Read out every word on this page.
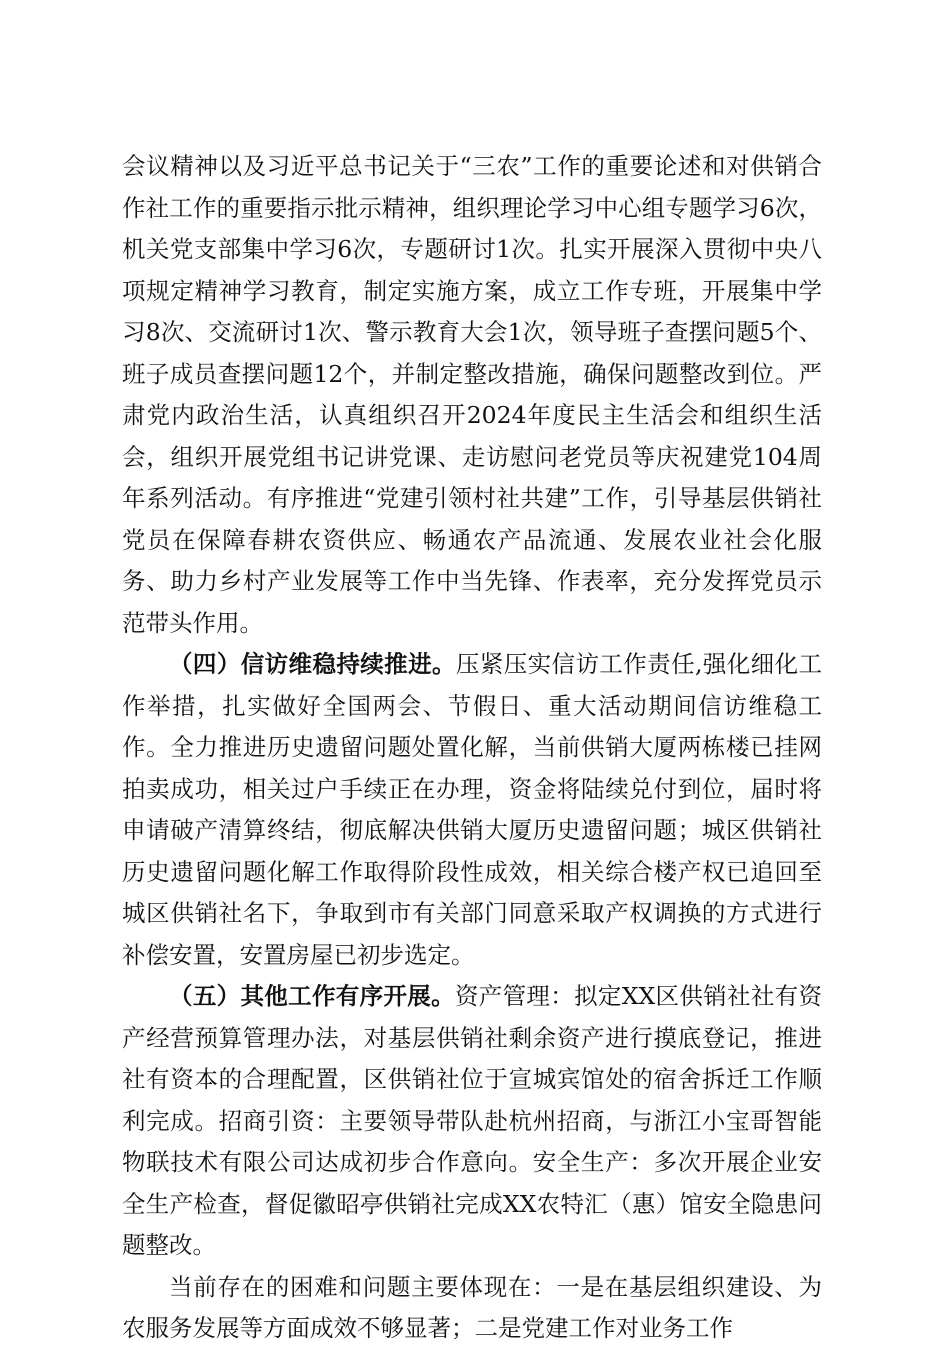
会议精神以及习近平总书记关于“三农”工作的重要论述和对供销合作社工作的重要指示批示精神，组织理论学习中心组专题学习6次，机关党支部集中学习6次，专题研讨1次。扎实开展深入贯彻中央八项规定精神学习教育，制定实施方案，成立工作专班，开展集中学习8次、交流研讨1次、警示教育大会1次，领导班子查摆问题5个、班子成员查摆问题12个，并制定整改措施，确保问题整改到位。严肃党内政治生活，认真组织召开2024年度民主生活会和组织生活会，组织开展党组书记讲党课、走访慰问老党员等庆祝建党104周年系列活动。有序推进“党建引领村社共建”工作，引导基层供销社党员在保障春耕农资供应、畅通农产品流通、发展农业社会化服务、助力乡村产业发展等工作中当先锋、作表率，充分发挥党员示范带头作用。

（四）信访维稳持续推进。压紧压实信访工作责任,强化细化工作举措，扎实做好全国两会、节假日、重大活动期间信访维稳工作。全力推进历史遗留问题处置化解，当前供销大厦两栋楼已挂网拍卖成功，相关过户手续正在办理，资金将陆续兑付到位，届时将申请破产清算终结，彻底解决供销大厦历史遗留问题；城区供销社历史遗留问题化解工作取得阶段性成效，相关综合楼产权已追回至城区供销社名下，争取到市有关部门同意采取产权调换的方式进行补偿安置，安置房屋已初步选定。

（五）其他工作有序开展。资产管理：拟定XX区供销社社有资产经营预算管理办法，对基层供销社剩余资产进行摸底登记，推进社有资本的合理配置，区供销社位于宣城宾馆处的宿舍拆迁工作顺利完成。招商引资：主要领导带队赴杭州招商，与浙江小宝哥智能物联技术有限公司达成初步合作意向。安全生产：多次开展企业安全生产检查，督促徽昭亭供销社完成XX农特汇（惠）馆安全隐患问题整改。

当前存在的困难和问题主要体现在：一是在基层组织建设、为农服务发展等方面成效不够显著；二是党建工作对业务工作
